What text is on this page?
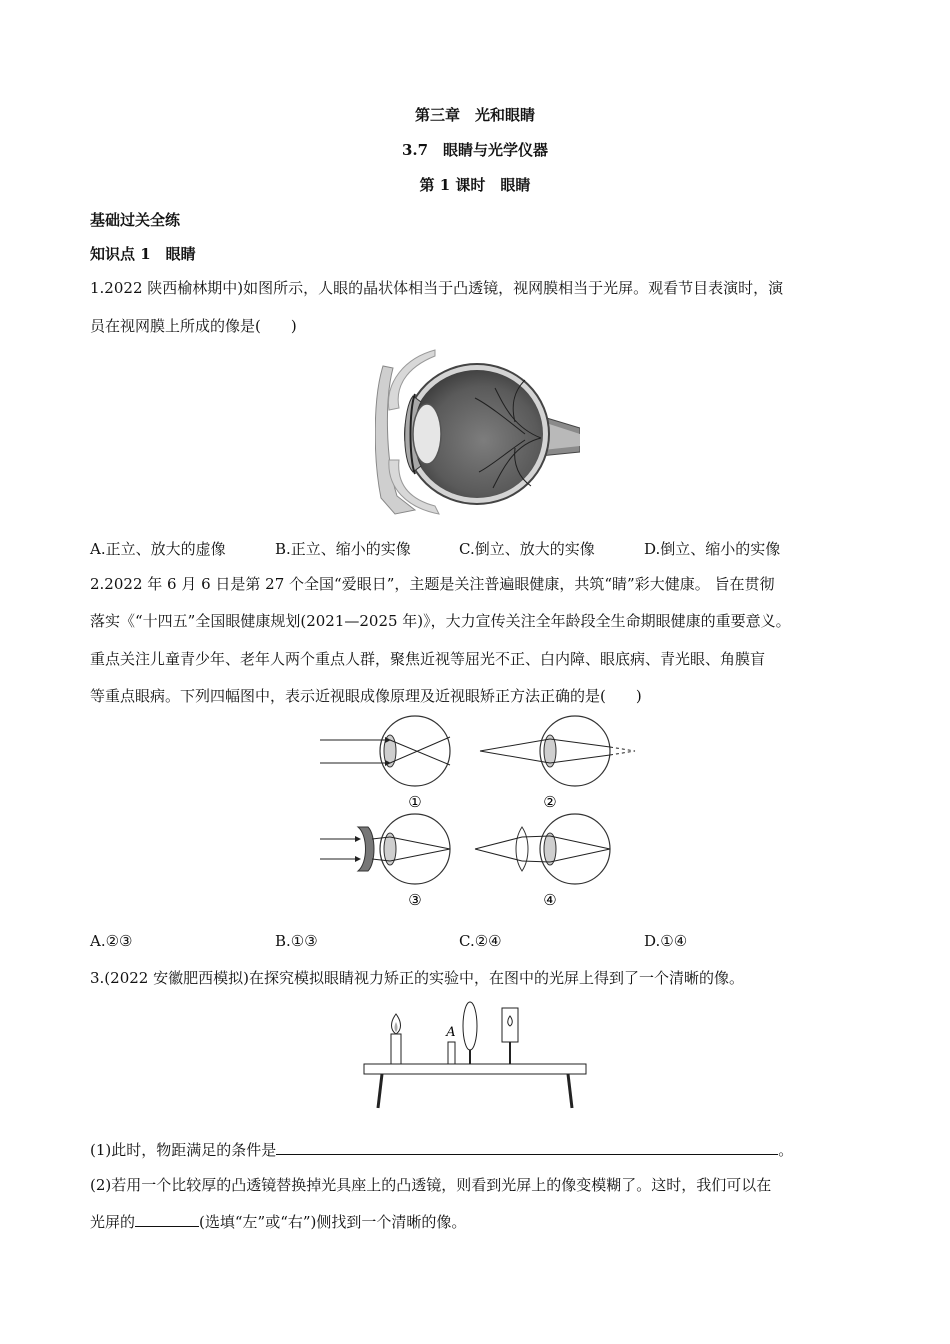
第三章　光和眼睛
3.7　眼睛与光学仪器
第 1 课时　眼睛
基础过关全练
知识点 1　眼睛
1.2022 陕西榆林期中)如图所示，人眼的晶状体相当于凸透镜，视网膜相当于光屏。观看节目表演时，演
员在视网膜上所成的像是(　　)
A.正立、放大的虚像	B.正立、缩小的实像	C.倒立、放大的实像	D.倒立、缩小的实像
2.2022 年 6 月 6 日是第 27 个全国“爱眼日”，主题是关注普遍眼健康，共筑“睛”彩大健康。 旨在贯彻
落实《“十四五”全国眼健康规划(2021—2025 年)》，大力宣传关注全年龄段全生命期眼健康的重要意义。
重点关注儿童青少年、老年人两个重点人群，聚焦近视等屈光不正、白内障、眼底病、青光眼、角膜盲
等重点眼病。下列四幅图中，表示近视眼成像原理及近视眼矫正方法正确的是(　　)
①	②
③	④
A.②③	B.①③	C.②④	D.①④
3.(2022 安徽肥西模拟)在探究模拟眼睛视力矫正的实验中，在图中的光屏上得到了一个清晰的像。
A
(1)此时，物距满足的条件是	。
(2)若用一个比较厚的凸透镜替换掉光具座上的凸透镜，则看到光屏上的像变模糊了。这时，我们可以在
光屏的	(选填“左”或“右”)侧找到一个清晰的像。
